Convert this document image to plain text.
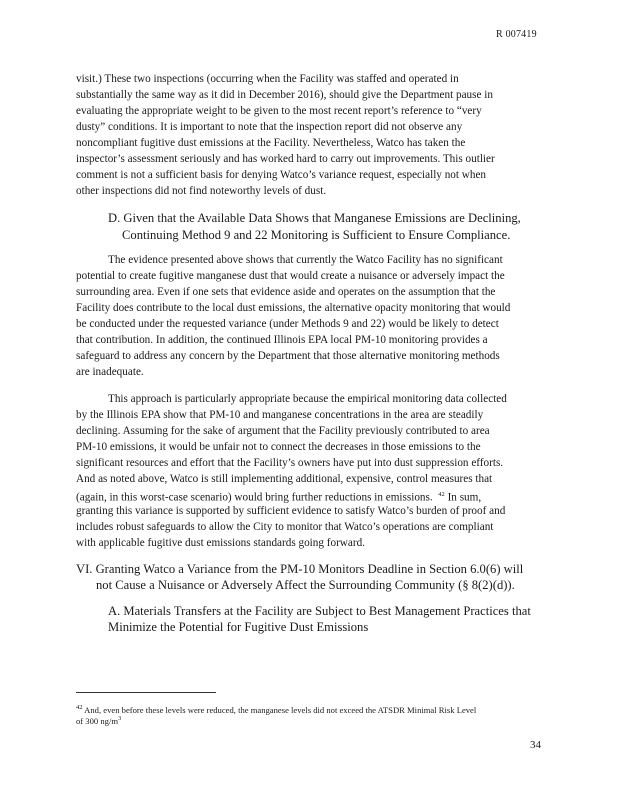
R 007419
visit.) These two inspections (occurring when the Facility was staffed and operated in
substantially the same way as it did in December 2016), should give the Department pause in
evaluating the appropriate weight to be given to the most recent report’s reference to “very
dusty” conditions. It is important to note that the inspection report did not observe any
noncompliant fugitive dust emissions at the Facility. Nevertheless, Watco has taken the
inspector’s assessment seriously and has worked hard to carry out improvements. This outlier
comment is not a sufficient basis for denying Watco’s variance request, especially not when
other inspections did not find noteworthy levels of dust.
D. Given that the Available Data Shows that Manganese Emissions are Declining,
Continuing Method 9 and 22 Monitoring is Sufficient to Ensure Compliance.
The evidence presented above shows that currently the Watco Facility has no significant
potential to create fugitive manganese dust that would create a nuisance or adversely impact the
surrounding area. Even if one sets that evidence aside and operates on the assumption that the
Facility does contribute to the local dust emissions, the alternative opacity monitoring that would
be conducted under the requested variance (under Methods 9 and 22) would be likely to detect
that contribution. In addition, the continued Illinois EPA local PM-10 monitoring provides a
safeguard to address any concern by the Department that those alternative monitoring methods
are inadequate.
This approach is particularly appropriate because the empirical monitoring data collected
by the Illinois EPA show that PM-10 and manganese concentrations in the area are steadily
declining. Assuming for the sake of argument that the Facility previously contributed to area
PM-10 emissions, it would be unfair not to connect the decreases in those emissions to the
significant resources and effort that the Facility’s owners have put into dust suppression efforts.
And as noted above, Watco is still implementing additional, expensive, control measures that
(again, in this worst-case scenario) would bring further reductions in emissions. $^{42}$ In sum,
granting this variance is supported by sufficient evidence to satisfy Watco’s burden of proof and
includes robust safeguards to allow the City to monitor that Watco’s operations are compliant
with applicable fugitive dust emissions standards going forward.
VI. Granting Watco a Variance from the PM-10 Monitors Deadline in Section 6.0(6) will
not Cause a Nuisance or Adversely Affect the Surrounding Community (§ 8(2)(d)).
A. Materials Transfers at the Facility are Subject to Best Management Practices that
Minimize the Potential for Fugitive Dust Emissions
$^{42}$ And, even before these levels were reduced, the manganese levels did not exceed the ATSDR Minimal Risk Level
of 300 $ng/m^3$
34
